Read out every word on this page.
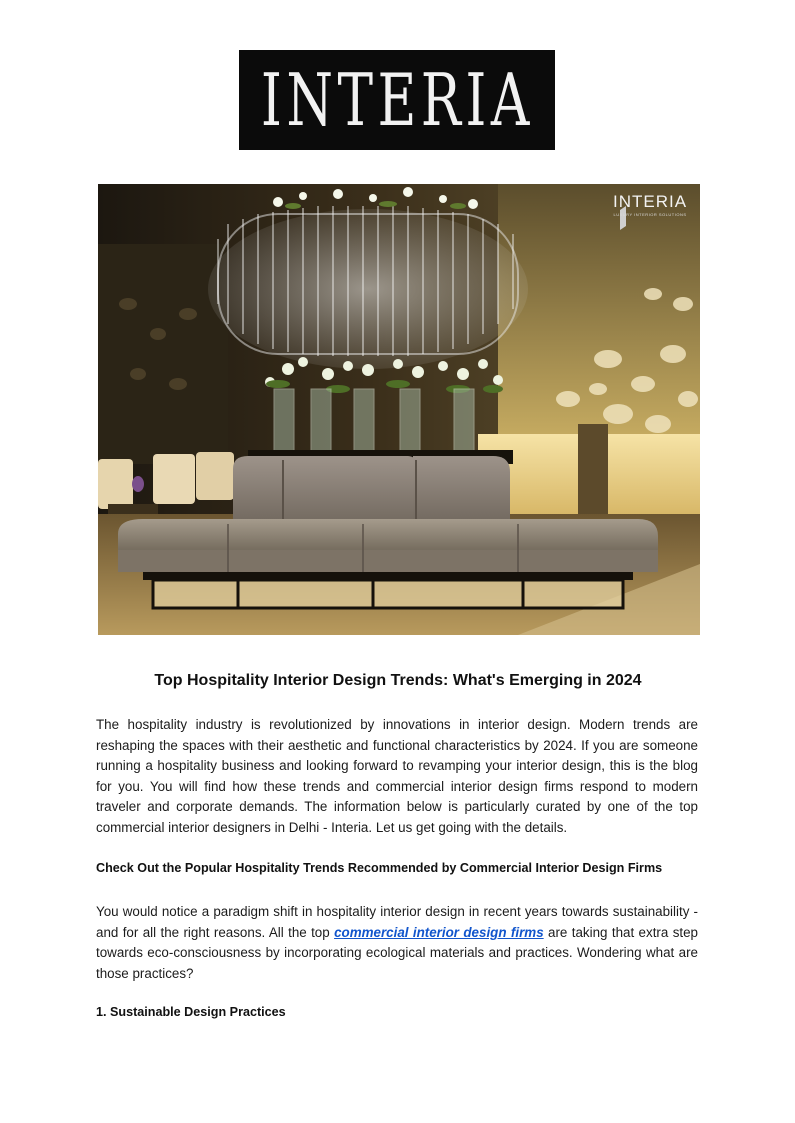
INTERIA
INTERIA
LUXURY INTERIOR SOLUTIONS
Top Hospitality Interior Design Trends: What's Emerging in 2024

The hospitality industry is revolutionized by innovations in interior design. Modern trends are reshaping the spaces with their aesthetic and functional characteristics by 2024. If you are someone running a hospitality business and looking forward to revamping your interior design, this is the blog for you. You will find how these trends and commercial interior design firms respond to modern traveler and corporate demands. The information below is particularly curated by one of the top commercial interior designers in Delhi - Interia. Let us get going with the details.

Check Out the Popular Hospitality Trends Recommended by Commercial Interior Design Firms

You would notice a paradigm shift in hospitality interior design in recent years towards sustainability - and for all the right reasons. All the top commercial interior design firms are taking that extra step towards eco-consciousness by incorporating ecological materials and practices. Wondering what are those practices?

1. Sustainable Design Practices
